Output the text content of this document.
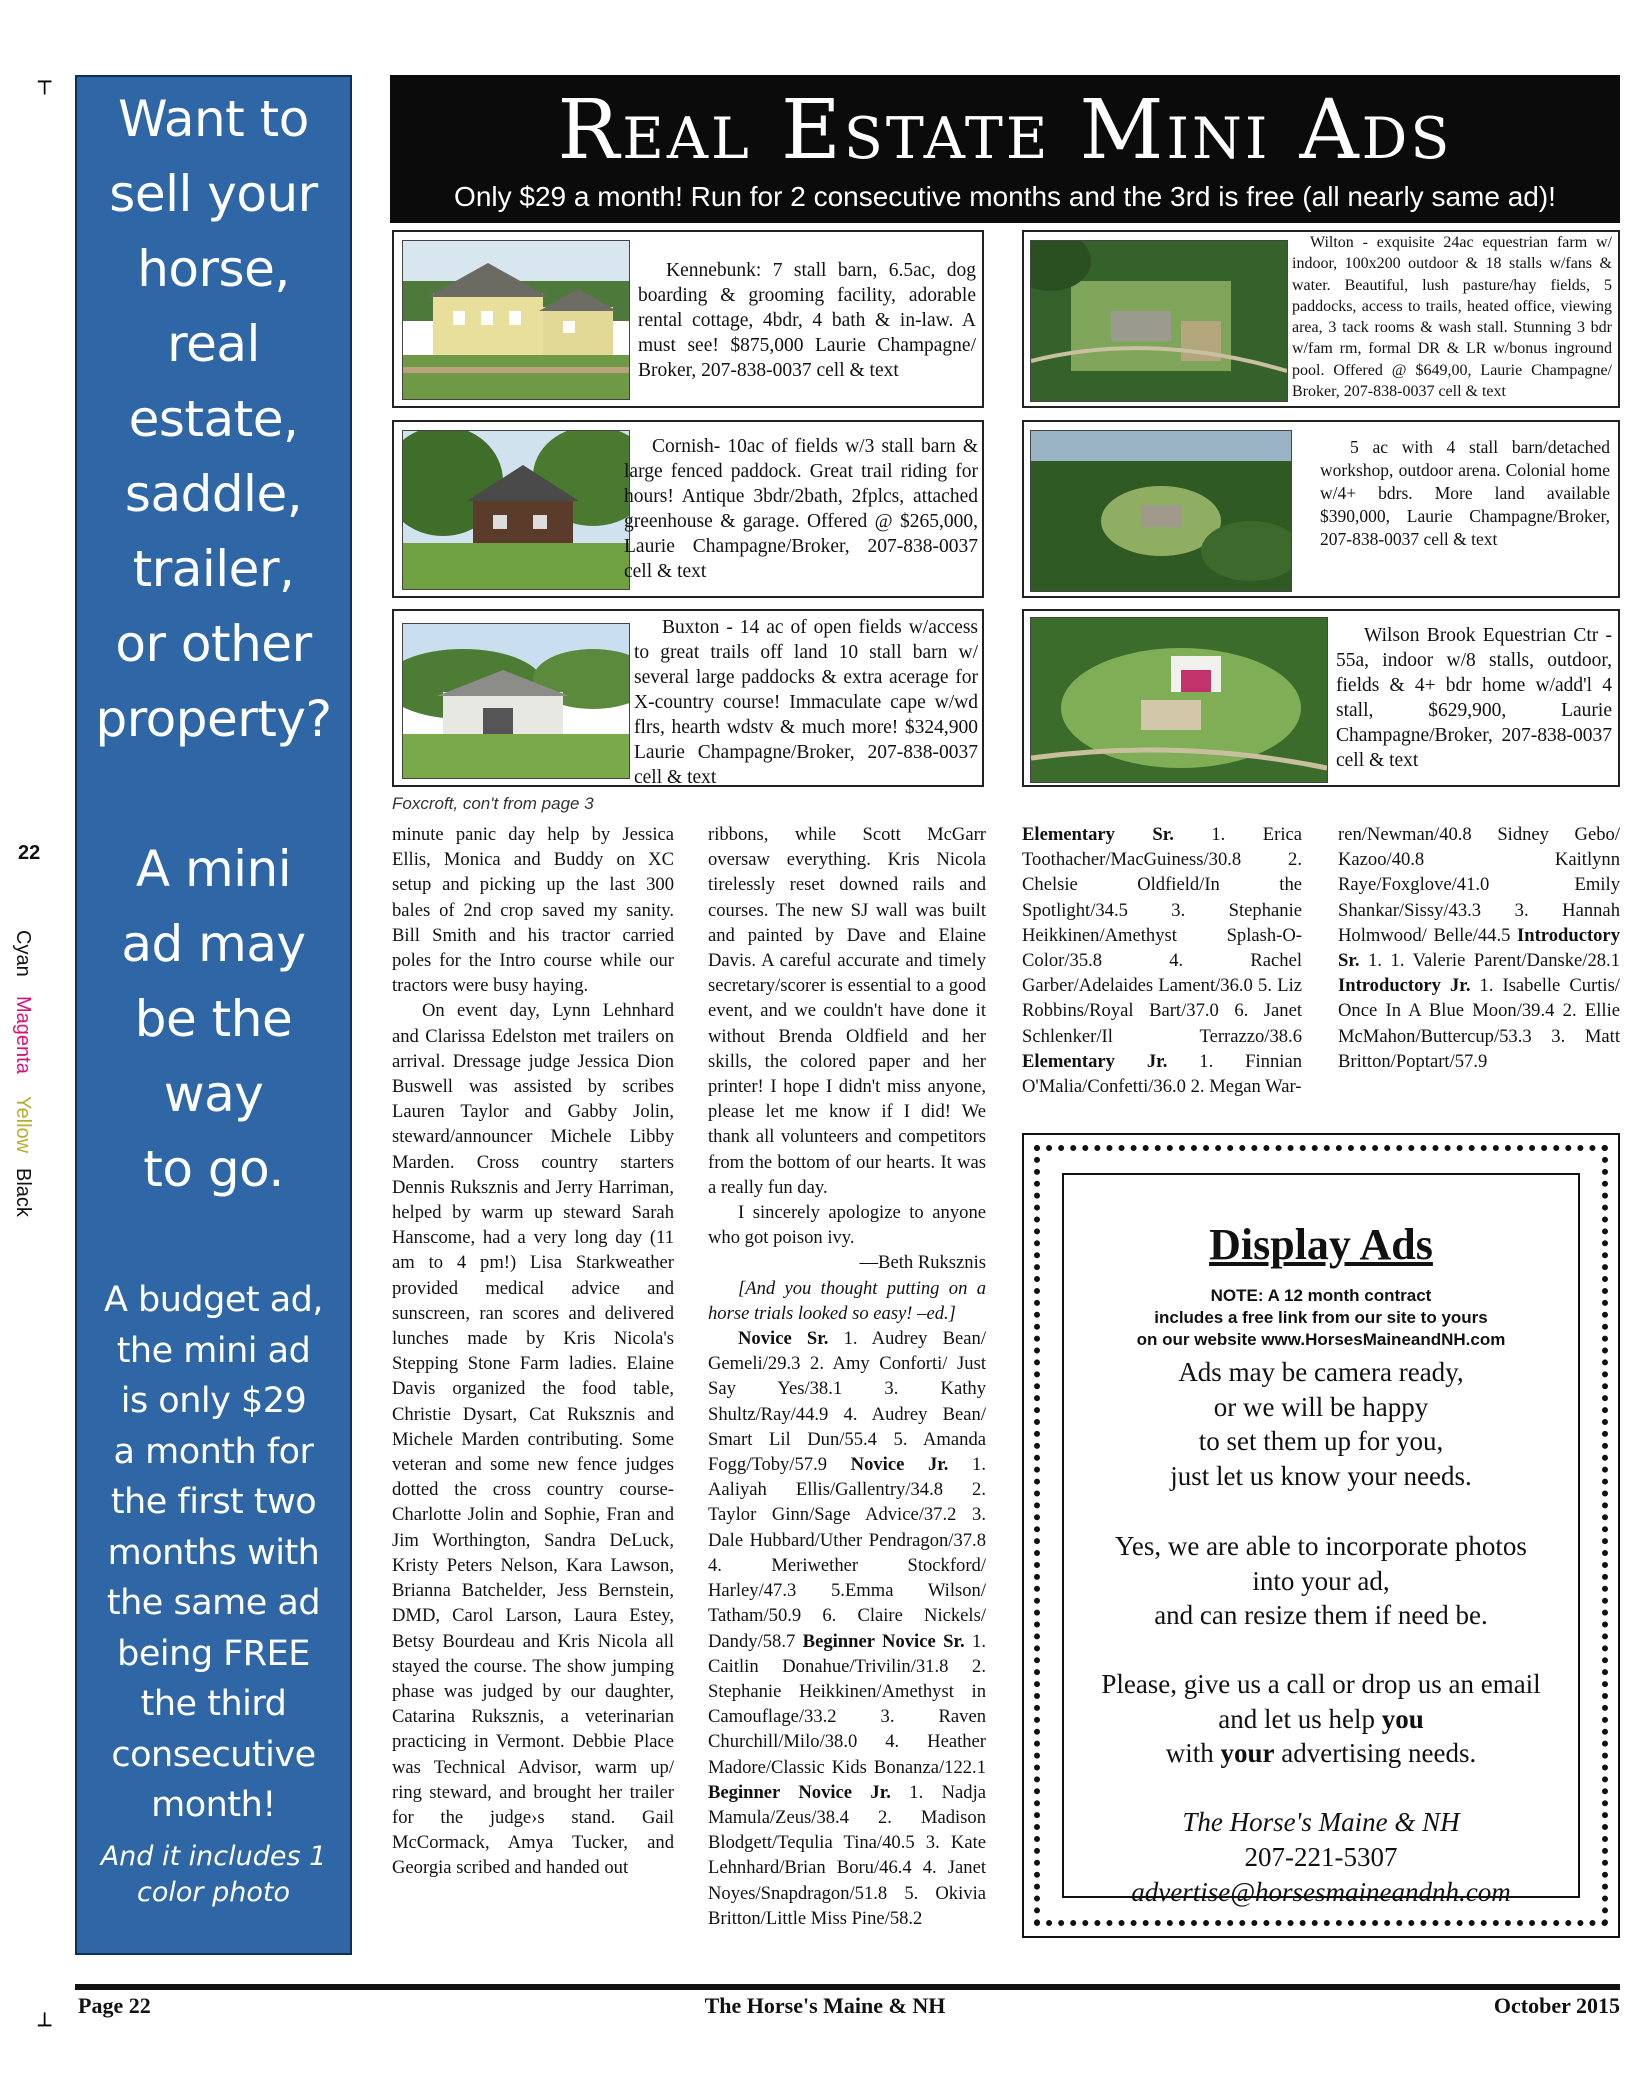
┬
┴
22
Cyan
Magenta
Yellow
Black
Want to
sell your
horse,
real
estate,
saddle,
trailer,
or other
property?
A mini
ad may
be the
way
to go.
A budget ad,
the mini ad
is only $29
a month for
the first two
months with
the same ad
being FREE
the third
consecutive
month!
And it includes 1
color photo
Real Estate Mini Ads
Only $29 a month! Run for 2 consecutive months and the 3rd is free (all nearly same ad)!
Kennebunk: 7 stall barn, 6.5ac, dog boarding & grooming facility, adorable rental cottage, 4bdr, 4 bath & in-law. A must see! $875,000 Laurie Champagne/ Broker, 207-838-0037 cell & text
Cornish- 10ac of fields w/3 stall barn & large fenced paddock. Great trail riding for hours! Antique 3bdr/2bath, 2fplcs, attached greenhouse & garage. Offered @ $265,000, Laurie Champagne/Broker, 207-838-0037 cell & text
Buxton - 14 ac of open fields w/access to great trails off land 10 stall barn w/ several large paddocks & extra acerage for X-country course! Immaculate cape w/wd flrs, hearth wdstv & much more! $324,900 Laurie Champagne/Broker, 207-838-0037 cell & text
Wilton - exquisite 24ac equestrian farm w/ indoor, 100x200 outdoor & 18 stalls w/fans & water. Beautiful, lush pasture/hay fields, 5 paddocks, access to trails, heated office, viewing area, 3 tack rooms & wash stall. Stunning 3 bdr w/fam rm, formal DR & LR w/bonus inground pool. Offered @ $649,00, Laurie Champagne/ Broker, 207-838-0037 cell & text
5 ac with 4 stall barn/detached workshop, outdoor arena. Colonial home w/4+ bdrs. More land available $390,000, Laurie Champagne/Broker, 207-838-0037 cell & text
Wilson Brook Equestrian Ctr - 55a, indoor w/8 stalls, outdoor, fields & 4+ bdr home w/add'l 4 stall, $629,900, Laurie Champagne/Broker, 207-838-0037 cell & text
Foxcroft, con't from page 3

minute panic day help by Jessica Ellis, Monica and Buddy on XC setup and picking up the last 300 bales of 2nd crop saved my sanity. Bill Smith and his tractor carried poles for the Intro course while our tractors were busy haying.

On event day, Lynn Lehnhard and Clarissa Edelston met trailers on arrival. Dressage judge Jessica Dion Buswell was assisted by scribes Lauren Taylor and Gabby Jolin, steward/announcer Michele Libby Marden. Cross country starters Dennis Ruksznis and Jerry Harriman, helped by warm up steward Sarah Hanscome, had a very long day (11 am to 4 pm!) Lisa Starkweather provided medical advice and sunscreen, ran scores and delivered lunches made by Kris Nicola's Stepping Stone Farm ladies. Elaine Davis organized the food table, Christie Dysart, Cat Ruksznis and Michele Marden contributing. Some veteran and some new fence judges dotted the cross country course- Charlotte Jolin and Sophie, Fran and Jim Worthington, Sandra DeLuck, Kristy Peters Nelson, Kara Lawson, Brianna Batchelder, Jess Bernstein, DMD, Carol Larson, Laura Estey, Betsy Bourdeau and Kris Nicola all stayed the course. The show jumping phase was judged by our daughter, Catarina Ruksznis, a veterinarian practicing in Vermont. Debbie Place was Technical Advisor, warm up/ ring steward, and brought her trailer for the judge›s stand. Gail McCormack, Amya Tucker, and Georgia scribed and handed out

ribbons, while Scott McGarr oversaw everything. Kris Nicola tirelessly reset downed rails and courses. The new SJ wall was built and painted by Dave and Elaine Davis. A careful accurate and timely secretary/scorer is essential to a good event, and we couldn't have done it without Brenda Oldfield and her skills, the colored paper and her printer! I hope I didn't miss anyone, please let me know if I did! We thank all volunteers and competitors from the bottom of our hearts. It was a really fun day.

I sincerely apologize to anyone who got poison ivy.

—Beth Ruksznis

[And you thought putting on a horse trials looked so easy! –ed.]

Novice Sr. 1. Audrey Bean/ Gemeli/29.3 2. Amy Conforti/ Just Say Yes/38.1 3. Kathy Shultz/Ray/44.9 4. Audrey Bean/ Smart Lil Dun/55.4 5. Amanda Fogg/Toby/57.9 Novice Jr. 1. Aaliyah Ellis/Gallentry/34.8 2. Taylor Ginn/Sage Advice/37.2 3. Dale Hubbard/Uther Pendragon/37.8 4. Meriwether Stockford/ Harley/47.3 5.Emma Wilson/ Tatham/50.9 6. Claire Nickels/ Dandy/58.7 Beginner Novice Sr. 1. Caitlin Donahue/Trivilin/31.8 2. Stephanie Heikkinen/Amethyst in Camouflage/33.2 3. Raven Churchill/Milo/38.0 4. Heather Madore/Classic Kids Bonanza/122.1 Beginner Novice Jr. 1. Nadja Mamula/Zeus/38.4 2. Madison Blodgett/Tequlia Tina/40.5 3. Kate Lehnhard/Brian Boru/46.4 4. Janet Noyes/Snapdragon/51.8 5. Okivia Britton/Little Miss Pine/58.2

Elementary Sr. 1. Erica Toothacher/MacGuiness/30.8 2. Chelsie Oldfield/In the Spotlight/34.5 3. Stephanie Heikkinen/Amethyst Splash-O-Color/35.8 4. Rachel Garber/Adelaides Lament/36.0 5. Liz Robbins/Royal Bart/37.0 6. Janet Schlenker/Il Terrazzo/38.6 Elementary Jr. 1. Finnian O'Malia/Confetti/36.0 2. Megan War-

ren/Newman/40.8 Sidney Gebo/ Kazoo/40.8 Kaitlynn Raye/Foxglove/41.0 Emily Shankar/Sissy/43.3 3. Hannah Holmwood/ Belle/44.5 Introductory Sr. 1. 1. Valerie Parent/Danske/28.1 Introductory Jr. 1. Isabelle Curtis/ Once In A Blue Moon/39.4 2. Ellie McMahon/Buttercup/53.3 3. Matt Britton/Poptart/57.9

Display Ads
NOTE: A 12 month contract
includes a free link from our site to yours
on our website www.HorsesMaineandNH.com
Ads may be camera ready,
or we will be happy
to set them up for you,
just let us know your needs.
Yes, we are able to incorporate photos
into your ad,
and can resize them if need be.
Please, give us a call or drop us an email
and let us help you
with your advertising needs.
The Horse's Maine & NH
207-221-5307
advertise@horsesmaineandnh.com
Page 22	The Horse's Maine & NH	October 2015
